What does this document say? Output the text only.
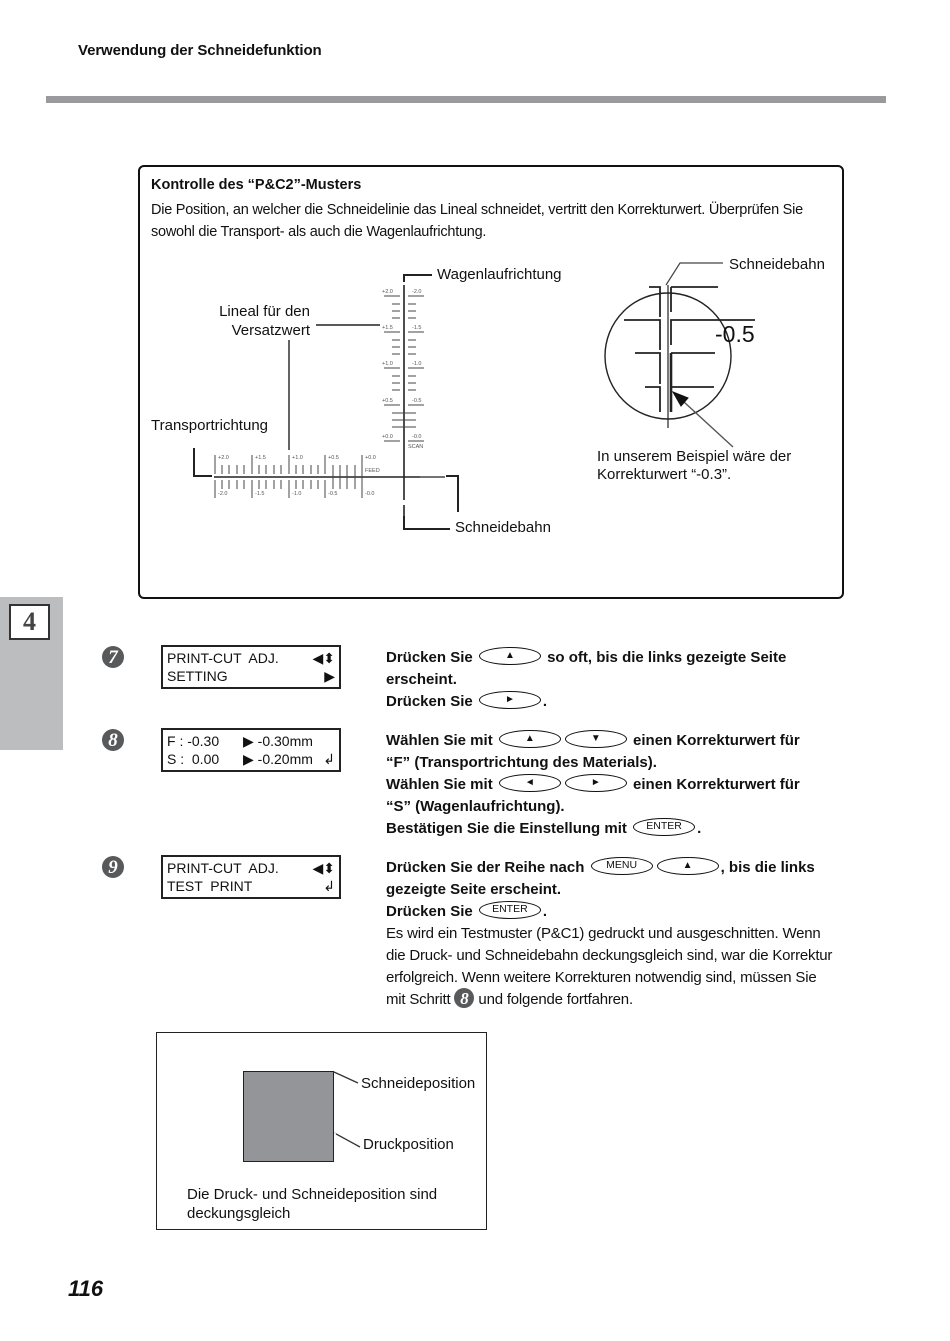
Verwendung der Schneidefunktion
Kontrolle des “P&C2”-Musters
Die Position, an welcher die Schneidelinie das Lineal schneidet, vertritt den Korrekturwert. Überprüfen Sie sowohl die Transport- als auch die Wagenlaufrichtung.
+2.0	-2.0
+1.5	-1.5
+1.0	-1.0
+0.5	-0.5
+0.0	-0.0
SCAN
+2.0	+1.5	+1.0	+0.5	+0.0
FEED
-2.0	-1.5	-1.0	-0.5	-0.0
-0.5
Wagenlaufrichtung
Lineal für den
Versatzwert
Transportrichtung
Schneidebahn
Schneidebahn
In unserem Beispiel wäre der
Korrekturwert “-0.3”.
4
7	PRINT-CUT  ADJ. ◀⬍
SETTING	▶
Drücken Sie	▲ so oft, bis die links gezeigte Seite
erscheint.
Drücken Sie	► .
8	F : -0.30 ▶ -0.30mm
S :  0.00 ▶ -0.20mm ↲
Wählen Sie mit	▲	▼ einen Korrekturwert für
“F” (Transportrichtung des Materials).
Wählen Sie mit	◄	► einen Korrekturwert für
“S” (Wagenlaufrichtung).
Bestätigen Sie die Einstellung mit ENTER .
9	PRINT-CUT  ADJ. ◀⬍
TEST  PRINT	↲
Drücken Sie der Reihe nach MENU	▲ , bis die links
gezeigte Seite erscheint.
Drücken Sie ENTER .
Es wird ein Testmuster (P&C1) gedruckt und ausgeschnitten. Wenn
die Druck- und Schneidebahn deckungsgleich sind, war die Korrektur
erfolgreich. Wenn weitere Korrekturen notwendig sind, müssen Sie
mit Schritt 8 und folgende fortfahren.
Schneideposition
Druckposition
Die Druck- und Schneideposition sind deckungsgleich
116
